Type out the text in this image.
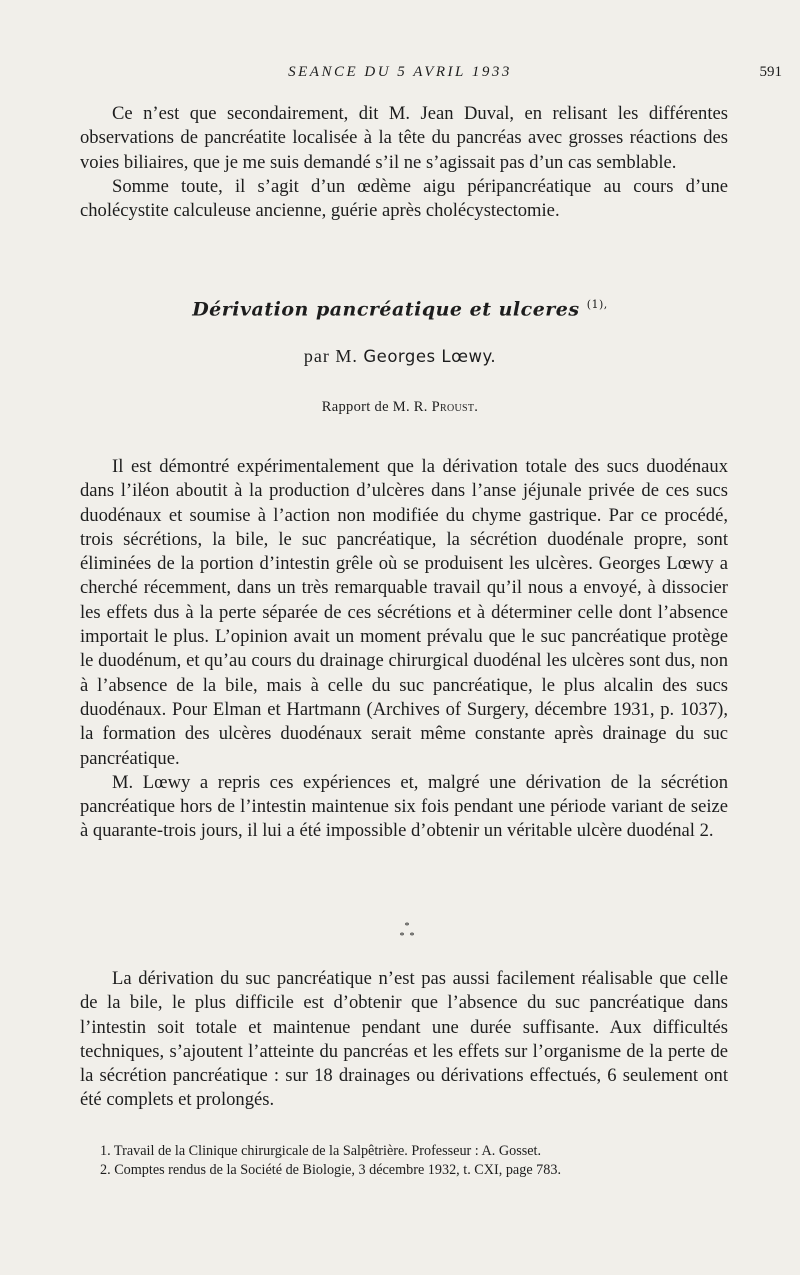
SEANCE DU 5 AVRIL 1933	591

Ce n’est que secondairement, dit M. Jean Duval, en relisant les différentes observations de pancréatite localisée à la tête du pancréas avec grosses réactions des voies biliaires, que je me suis demandé s’il ne s’agissait pas d’un cas semblable.

Somme toute, il s’agit d’un œdème aigu péripancréatique au cours d’une cholécystite calculeuse ancienne, guérie après cholécystectomie.

Dérivation pancréatique et ulceres $^{(1),}$
par M. Georges Lœwy.
Rapport de M. R. Proust.

Il est démontré expérimentalement que la dérivation totale des sucs duodénaux dans l’iléon aboutit à la production d’ulcères dans l’anse jéjunale privée de ces sucs duodénaux et soumise à l’action non modifiée du chyme gastrique. Par ce procédé, trois sécrétions, la bile, le suc pancréatique, la sécrétion duodénale propre, sont éliminées de la portion d’intestin grêle où se produisent les ulcères. Georges Lœwy a cherché récemment, dans un très remarquable travail qu’il nous a envoyé, à dissocier les effets dus à la perte séparée de ces sécrétions et à déterminer celle dont l’absence importait le plus. L’opinion avait un moment prévalu que le suc pancréatique protège le duodénum, et qu’au cours du drainage chirurgical duodénal les ulcères sont dus, non à l’absence de la bile, mais à celle du suc pancréatique, le plus alcalin des sucs duodénaux. Pour Elman et Hartmann (Archives of Surgery, décembre 1931, p. 1037), la formation des ulcères duodénaux serait même constante après drainage du suc pancréatique.

M. Lœwy a repris ces expériences et, malgré une dérivation de la sécrétion pancréatique hors de l’intestin maintenue six fois pendant une période variant de seize à quarante-trois jours, il lui a été impossible d’obtenir un véritable ulcère duodénal 2.

*
*  *

La dérivation du suc pancréatique n’est pas aussi facilement réalisable que celle de la bile, le plus difficile est d’obtenir que l’absence du suc pancréatique dans l’intestin soit totale et maintenue pendant une durée suffisante. Aux difficultés techniques, s’ajoutent l’atteinte du pancréas et les effets sur l’organisme de la perte de la sécrétion pancréatique : sur 18 drainages ou dérivations effectués, 6 seulement ont été complets et prolongés.

1. Travail de la Clinique chirurgicale de la Salpêtrière. Professeur : A. Gosset.
2. Comptes rendus de la Société de Biologie, 3 décembre 1932, t. CXI, page 783.
